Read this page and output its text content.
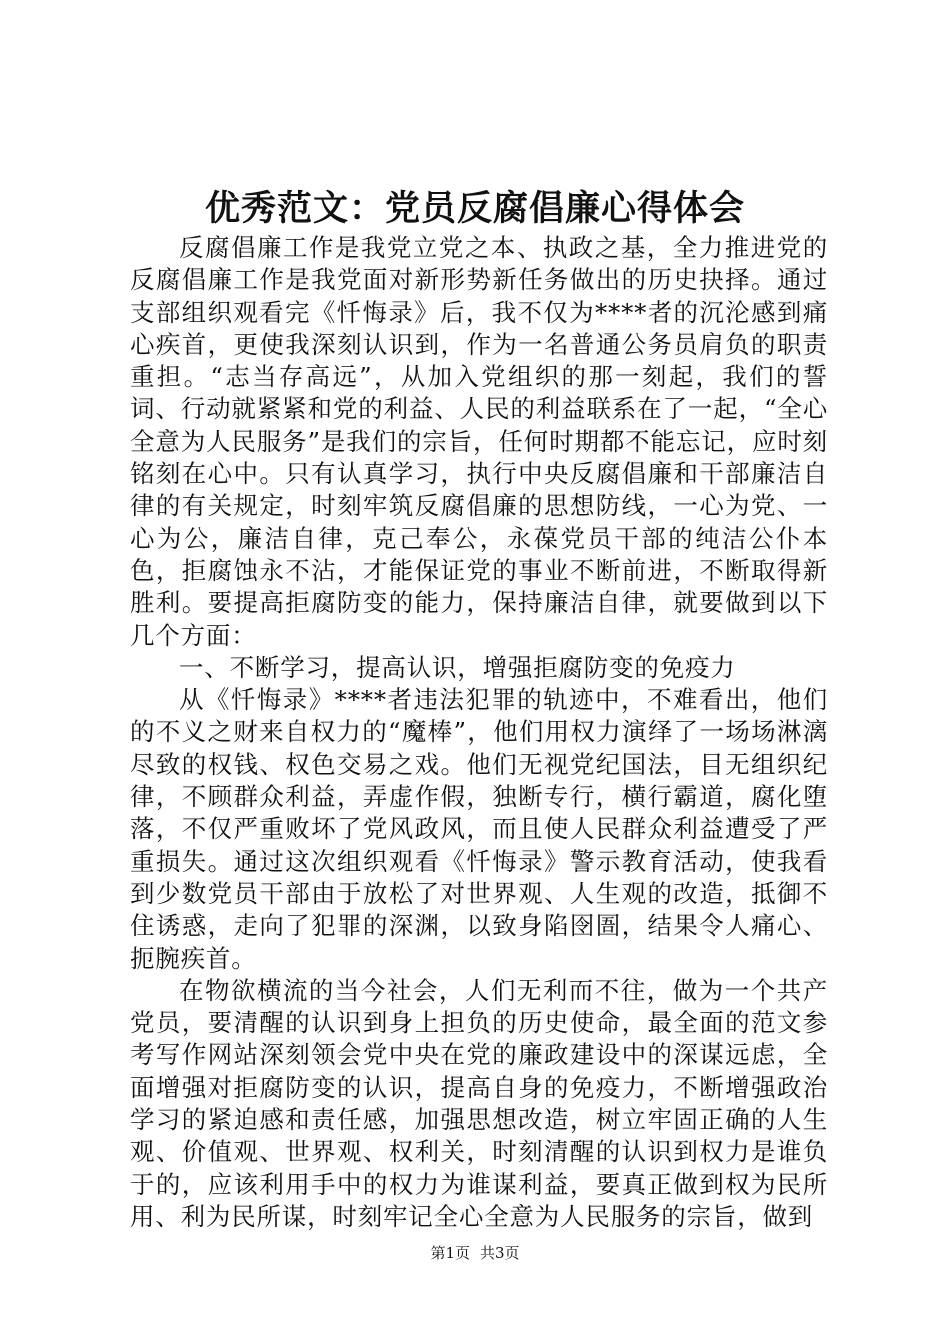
优秀范文：党员反腐倡廉心得体会

反腐倡廉工作是我党立党之本、执政之基，全力推进党的反腐倡廉工作是我党面对新形势新任务做出的历史抉择。通过支部组织观看完《忏悔录》后，我不仅为****者的沉沦感到痛心疾首，更使我深刻认识到，作为一名普通公务员肩负的职责重担。“志当存高远”，从加入党组织的那一刻起，我们的誓词、行动就紧紧和党的利益、人民的利益联系在了一起，“全心全意为人民服务”是我们的宗旨，任何时期都不能忘记，应时刻铭刻在心中。只有认真学习，执行中央反腐倡廉和干部廉洁自律的有关规定，时刻牢筑反腐倡廉的思想防线，一心为党、一心为公，廉洁自律，克己奉公，永葆党员干部的纯洁公仆本色，拒腐蚀永不沾，才能保证党的事业不断前进，不断取得新胜利。要提高拒腐防变的能力，保持廉洁自律，就要做到以下几个方面：

一、不断学习，提高认识，增强拒腐防变的免疫力

从《忏悔录》****者违法犯罪的轨迹中，不难看出，他们的不义之财来自权力的“魔棒”，他们用权力演绎了一场场淋漓尽致的权钱、权色交易之戏。他们无视党纪国法，目无组织纪律，不顾群众利益，弄虚作假，独断专行，横行霸道，腐化堕落，不仅严重败坏了党风政风，而且使人民群众利益遭受了严重损失。通过这次组织观看《忏悔录》警示教育活动，使我看到少数党员干部由于放松了对世界观、人生观的改造，抵御不住诱惑，走向了犯罪的深渊，以致身陷囹圄，结果令人痛心、扼腕疾首。

在物欲横流的当今社会，人们无利而不往，做为一个共产党员，要清醒的认识到身上担负的历史使命，最全面的范文参考写作网站深刻领会党中央在党的廉政建设中的深谋远虑，全面增强对拒腐防变的认识，提高自身的免疫力，不断增强政治学习的紧迫感和责任感，加强思想改造，树立牢固正确的人生观、价值观、世界观、权利关，时刻清醒的认识到权力是谁负于的，应该利用手中的权力为谁谋利益，要真正做到权为民所用、利为民所谋，时刻牢记全心全意为人民服务的宗旨，做到

第1页 共3页
